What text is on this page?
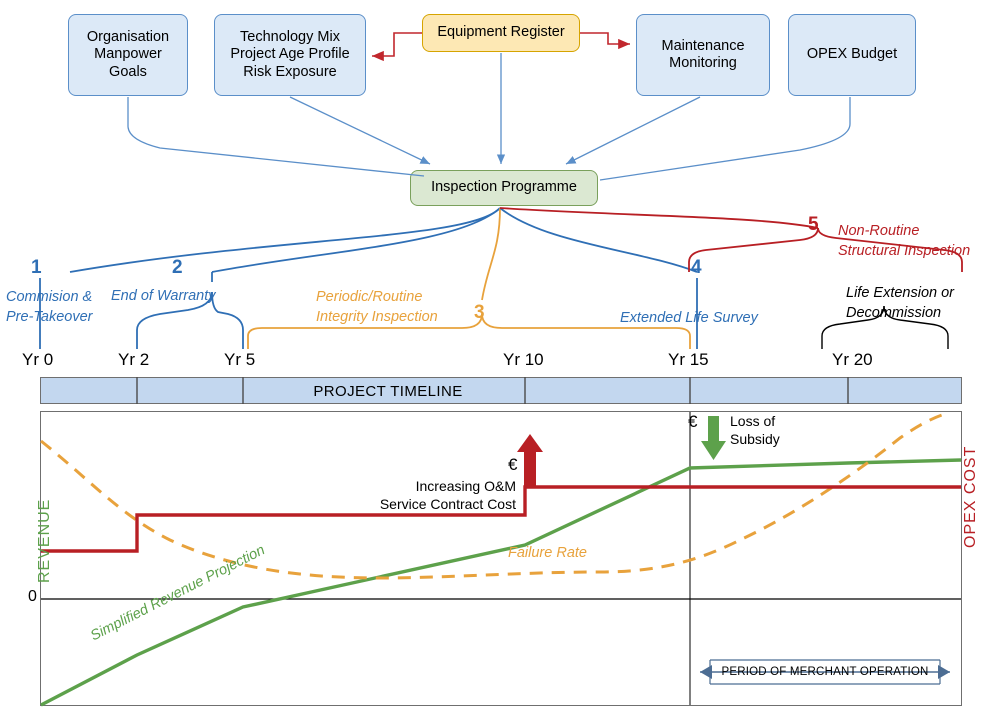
Organisation
Manpower
Goals
Technology Mix
Project Age Profile
Risk Exposure
Equipment Register
Maintenance
Monitoring
OPEX Budget
Inspection Programme
1
Commision &
Pre-Takeover
2
End of Warranty
3
Periodic/Routine
Integrity Inspection
4
Extended Life Survey
5 Non-Routine
Structural Inspection
Life Extension or
Decommission
Yr 0	Yr 2	Yr 5	Yr 10	Yr 15	Yr 20
PROJECT TIMELINE
REVENUE	OPEX COST
0
Increasing O&M
Service Contract Cost
€
€ Loss of
Subsidy
Failure Rate
Simplified Revenue Projection
PERIOD OF MERCHANT OPERATION
